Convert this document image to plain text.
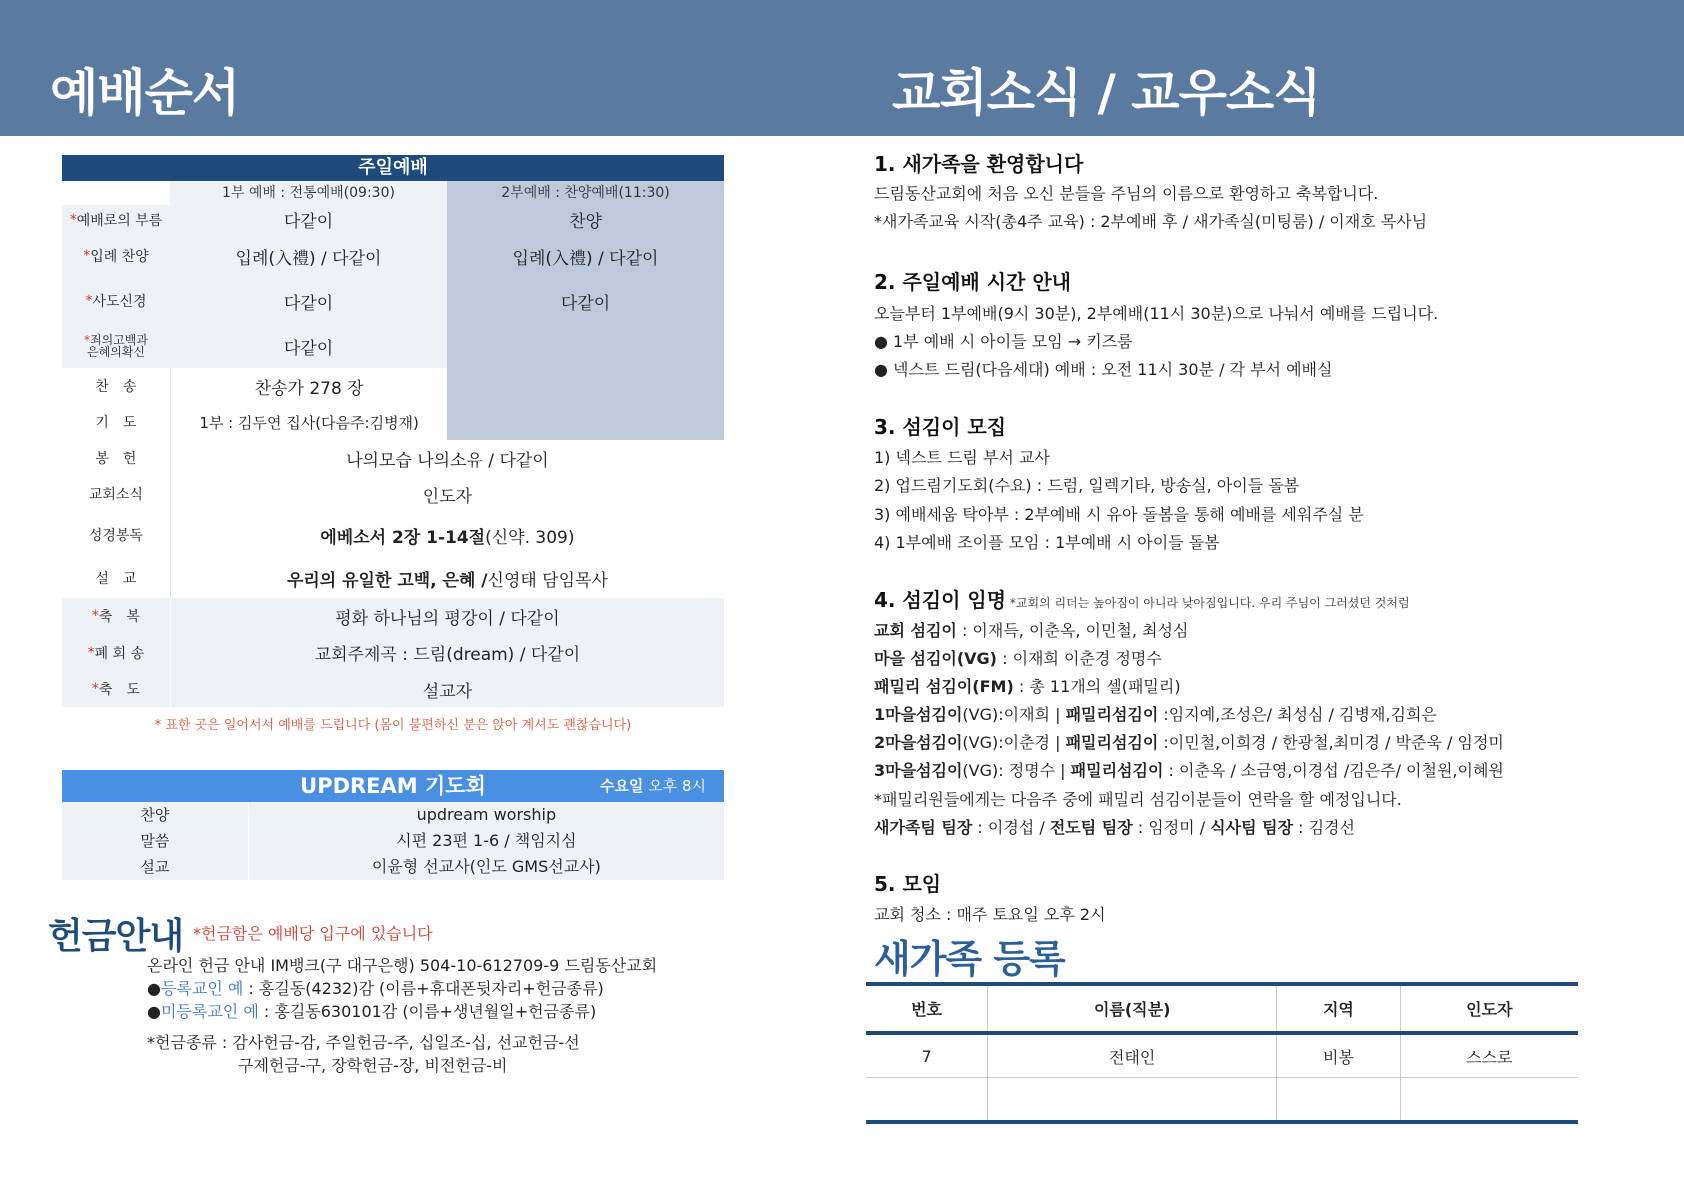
예배순서	교회소식 / 교우소식
주일예배
1부 예배 : 전통예배(09:30)	2부예배 : 찬양예배(11:30)
* 예배로의 부름	다같이	찬양
* 입례 찬양	입례(入禮) / 다같이	입례(入禮) / 다같이
* 사도신경	다같이	다같이
*죄의고백과
은혜의확신	다같이
찬　송	찬송가 278 장
기　도	1부 : 김두연 집사(다음주:김병재)
봉　헌	나의모습 나의소유 / 다같이
교회소식	인도자
성경봉독	에베소서 2장 1-14절 (신약. 309)
설　교	우리의 유일한 고백, 은혜 / 신영태 담임목사
* 축　복	평화 하나님의 평강이 / 다같이
* 폐 회 송	교회주제곡 : 드림(dream) / 다같이
* 축　도	설교자
* 표한 곳은 일어서서 예배를 드립니다 (몸이 불편하신 분은 앉아 계셔도 괜찮습니다)
UPDREAM 기도회	수요일 오후 8시
찬양	updream worship
말씀	시편 23편 1-6 / 책임지심
설교	이윤형 선교사(인도 GMS선교사)
헌금안내 *헌금함은 예배당 입구에 있습니다
온라인 헌금 안내 IM뱅크(구 대구은행) 504-10-612709-9 드림동산교회
●등록교인 예 : 홍길동(4232)감 (이름+휴대폰뒷자리+헌금종류)
●미등록교인 예 : 홍길동630101감 (이름+생년월일+헌금종류)
*헌금종류 : 감사헌금-감, 주일헌금-주, 십일조-십, 선교헌금-선
구제헌금-구, 장학헌금-장, 비전헌금-비
1. 새가족을 환영합니다
드림동산교회에 처음 오신 분들을 주님의 이름으로 환영하고 축복합니다.
*새가족교육 시작(총4주 교육) : 2부예배 후 / 새가족실(미팅룸) / 이재호 목사님
2. 주일예배 시간 안내
오늘부터 1부예배(9시 30분), 2부예배(11시 30분)으로 나눠서 예배를 드립니다.
● 1부 예배 시 아이들 모임 → 키즈룸
● 넥스트 드림(다음세대) 예배 : 오전 11시 30분 / 각 부서 예배실
3. 섬김이 모집
1) 넥스트 드림 부서 교사
2) 업드림기도회(수요) : 드럼, 일렉기타, 방송실, 아이들 돌봄
3) 예배세움 탁아부 : 2부예배 시 유아 돌봄을 통해 예배를 세워주실 분
4) 1부예배 조이플 모임 : 1부예배 시 아이들 돌봄
4. 섬김이 임명 *교회의 리더는 높아짐이 아니라 낮아짐입니다. 우리 주님이 그러셨던 것처럼
교회 섬김이 : 이재득, 이춘옥, 이민철, 최성심
마을 섬김이(VG) : 이재희 이춘경 정명수
패밀리 섬김이(FM) : 총 11개의 셀(패밀리)
1마을섬김이(VG):이재희 | 패밀리섬김이 :임지예,조성은/ 최성심 / 김병재,김희은
2마을섬김이(VG):이춘경 | 패밀리섬김이 :이민철,이희경 / 한광철,최미경 / 박준욱 / 임정미
3마을섬김이(VG): 정명수 | 패밀리섬김이 : 이춘옥 / 소금영,이경섭 /김은주/ 이철원,이혜원
*패밀리원들에게는 다음주 중에 패밀리 섬김이분들이 연락을 할 예정입니다.
새가족팀 팀장 : 이경섭 / 전도팀 팀장 : 임정미 / 식사팀 팀장 : 김경선
5. 모임
교회 청소 : 매주 토요일 오후 2시
새가족 등록
번호	이름(직분)	지역	인도자
7	전태인	비봉	스스로
